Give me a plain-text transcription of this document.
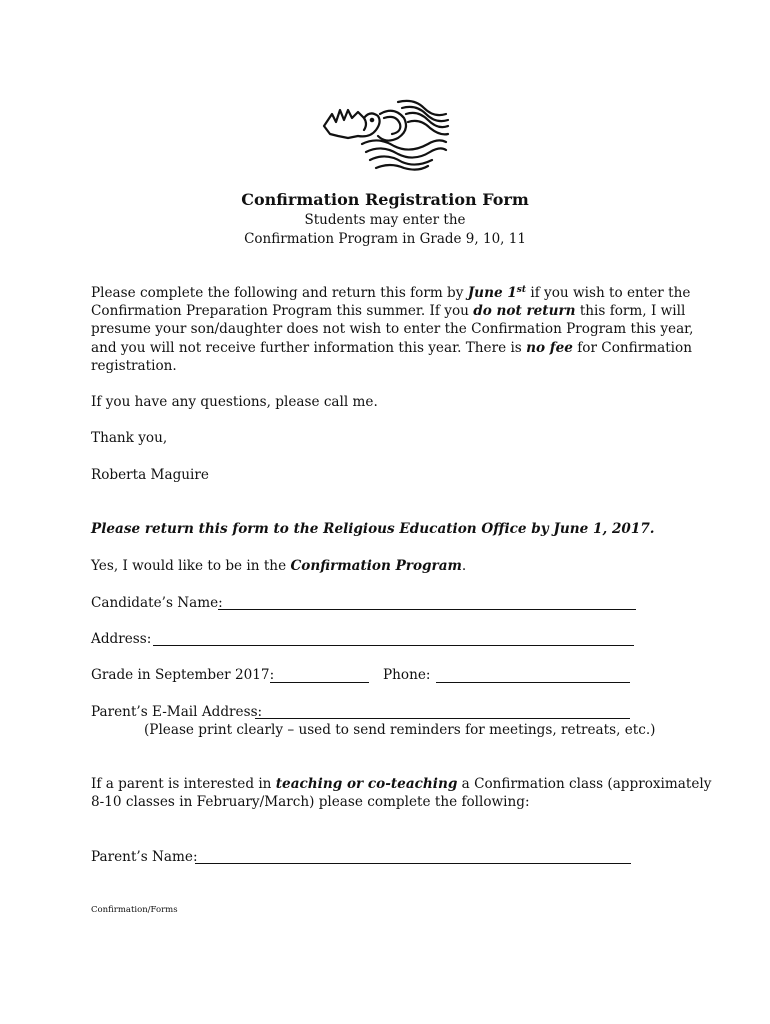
Confirmation Registration Form
Students may enter the
Confirmation Program in Grade 9, 10, 11
Please complete the following and return this form by June 1st if you wish to enter the
Confirmation Preparation Program this summer. If you do not return this form, I will
presume your son/daughter does not wish to enter the Confirmation Program this year,
and you will not receive further information this year. There is no fee for Confirmation
registration.
If you have any questions, please call me.
Thank you,
Roberta Maguire
Please return this form to the Religious Education Office by June 1, 2017.
Yes, I would like to be in the Confirmation Program.
Candidate’s Name:
Address:
Grade in September 2017:	Phone:
Parent’s E-Mail Address:
(Please print clearly – used to send reminders for meetings, retreats, etc.)
If a parent is interested in teaching or co-teaching a Confirmation class (approximately
8-10 classes in February/March) please complete the following:
Parent’s Name:
Confirmation/Forms
